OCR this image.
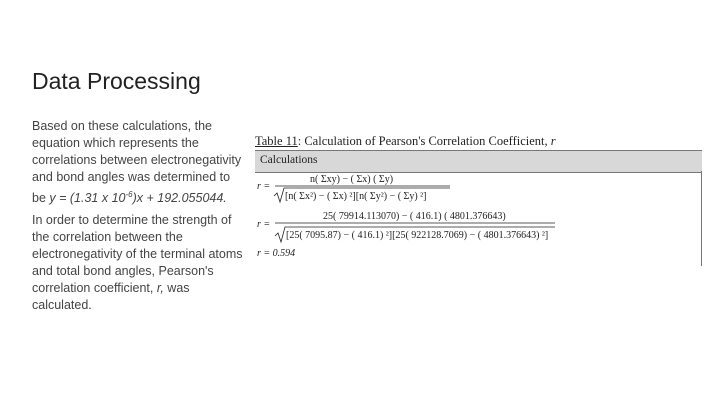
Data Processing

Based on these calculations, the equation which represents the correlations between electronegativity and bond angles was determined to be y = (1.31 x $10^{-6})x + 192.055044$.

In order to determine the strength of the correlation between the electronegativity of the terminal atoms and total bond angles, Pearson's correlation coefficient, r, was calculated.

Table 11: Calculation of Pearson's Correlation Coefficient, r
Calculations
r =
n( Σxy) − ( Σx) ( Σy)
[n( Σx²) − ( Σx) ²][n( Σy²) − ( Σy) ²]
r =
25( 79914.113070) − ( 416.1) ( 4801.376643)
[25( 7095.87) − ( 416.1) ²][25( 922128.7069) − ( 4801.376643) ²]
r = 0.594
